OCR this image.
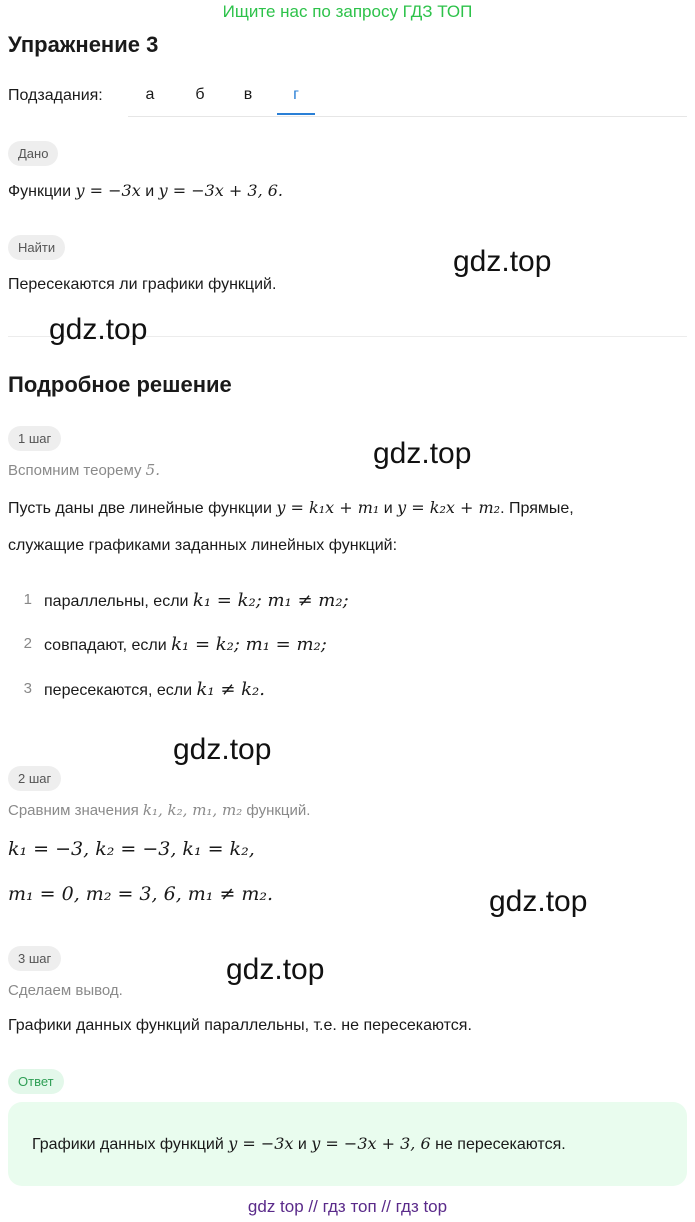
Ищите нас по запросу ГДЗ ТОП
Упражнение 3
Подзадания:	а	б	в	г
Дано
Функции y = −3x и y = −3x + 3, 6.
Найти
Пересекаются ли графики функций.
Подробное решение
1 шаг
Вспомним теорему 5.
Пусть даны две линейные функции y = k₁x + m₁ и y = k₂x + m₂. Прямые,
служащие графиками заданных линейных функций:
1 параллельны, если k₁ = k₂; m₁ ≠ m₂;
2 совпадают, если k₁ = k₂; m₁ = m₂;
3 пересекаются, если k₁ ≠ k₂.
2 шаг
Сравним значения k₁, k₂, m₁, m₂ функций.
k₁ = −3, k₂ = −3, k₁ = k₂,
m₁ = 0, m₂ = 3, 6, m₁ ≠ m₂.
3 шаг
Сделаем вывод.
Графики данных функций параллельны, т.е. не пересекаются.
Ответ
Графики данных функций y = −3x и y = −3x + 3, 6 не пересекаются.
gdz.top
gdz.top
gdz.top
gdz.top
gdz.top
gdz.top
gdz top // гдз топ // гдз top
